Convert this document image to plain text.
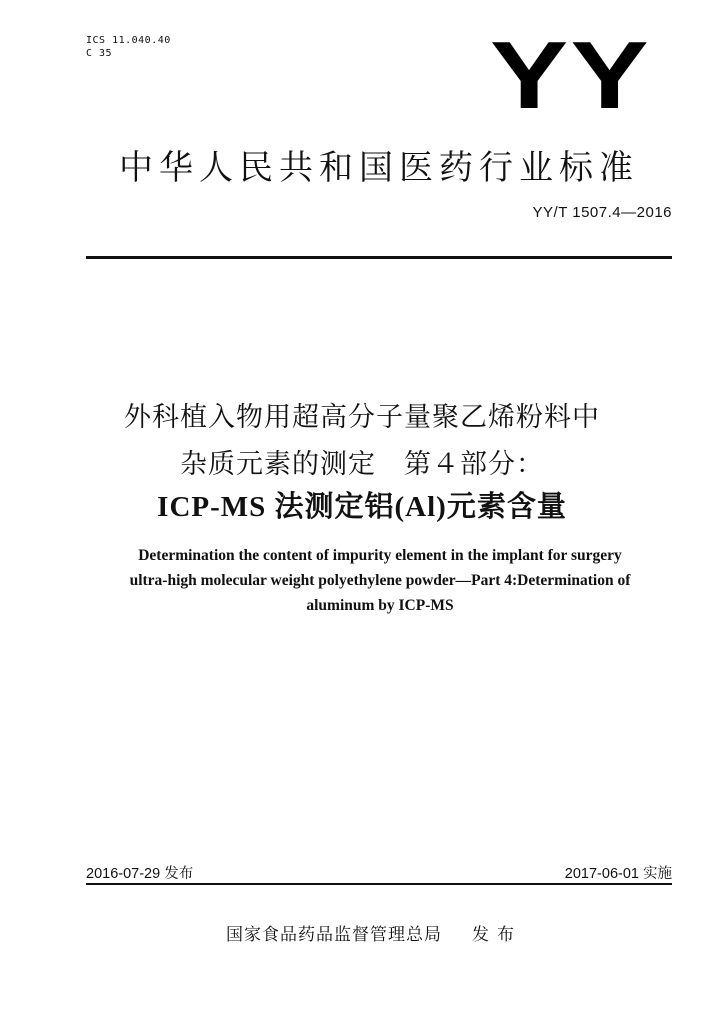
ICS 11.040.40
C 35	YY
中华人民共和国医药行业标准
YY/T 1507.4—2016
外科植入物用超高分子量聚乙烯粉料中
杂质元素的测定　第４部分：
ICP-MS 法测定铝(Al)元素含量
Determination the content of impurity element in the implant for surgery
ultra-high molecular weight polyethylene powder—Part 4:Determination of
aluminum by ICP-MS
2016-07-29 发布	2017-06-01 实施
国家食品药品监督管理总局 发布
